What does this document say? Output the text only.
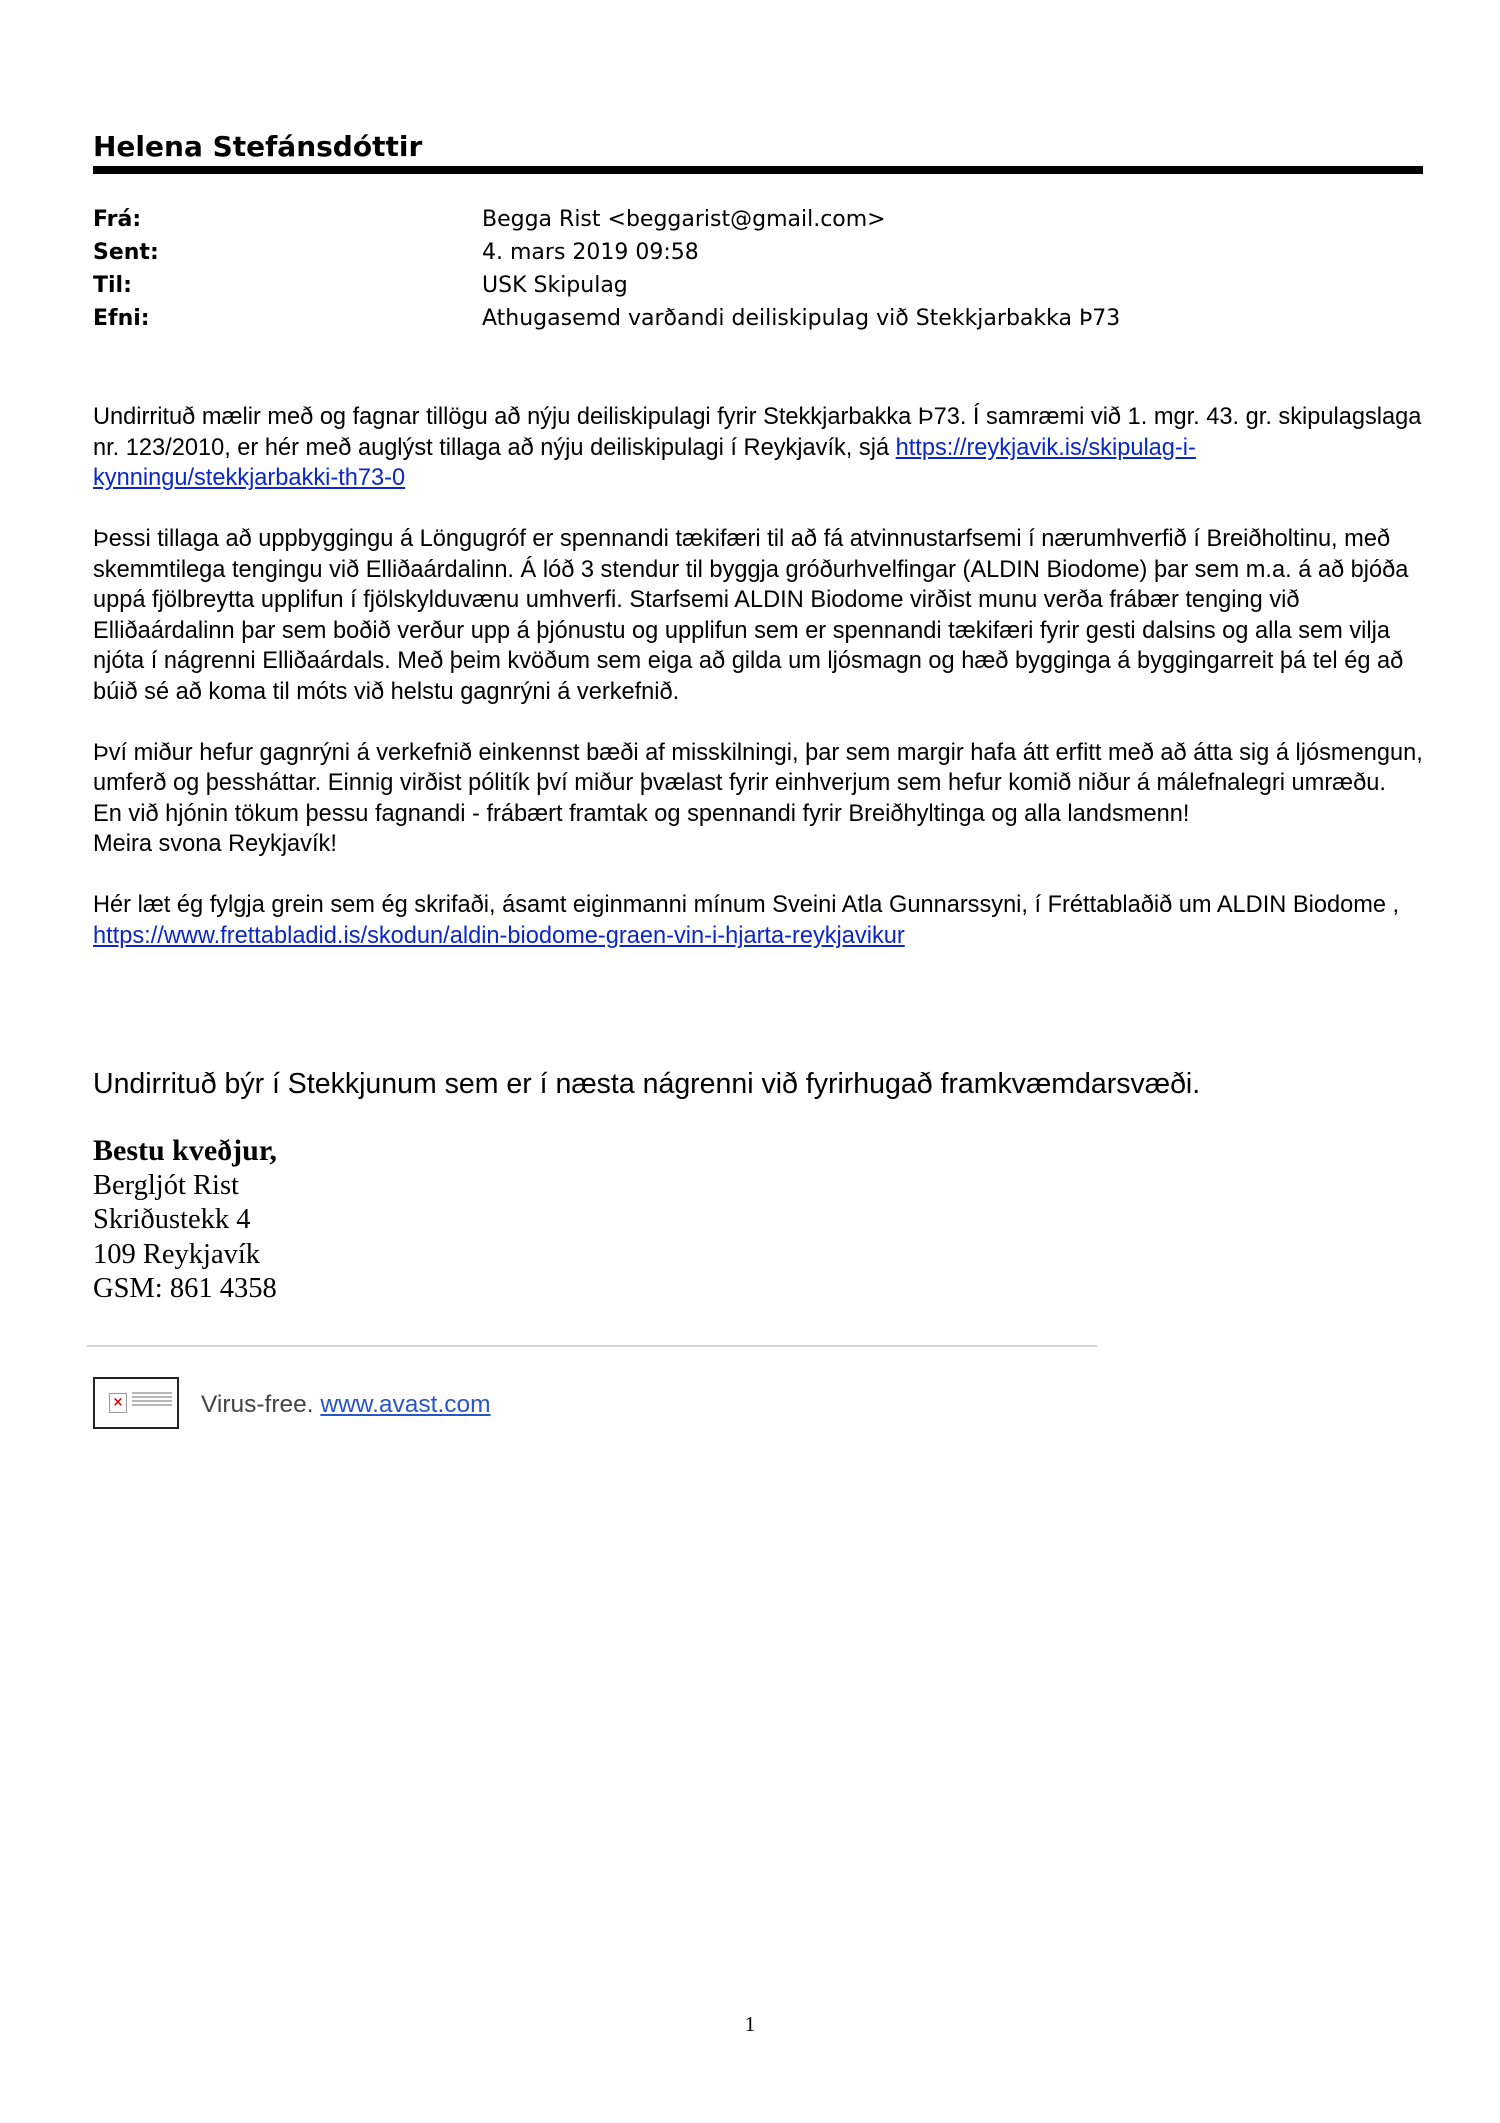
Helena Stefánsdóttir
Frá:	Begga Rist <beggarist@gmail.com>
Sent:	4. mars 2019 09:58
Til:	USK Skipulag
Efni:	Athugasemd varðandi deiliskipulag við Stekkjarbakka Þ73

Undirrituð mælir með og fagnar tillögu að nýju deiliskipulagi fyrir Stekkjarbakka Þ73. Í samræmi við 1. mgr. 43. gr. skipulagslaga nr. 123/2010, er hér með auglýst tillaga að nýju deiliskipulagi í Reykjavík, sjá https://reykjavik.is/skipulag-i-kynningu/stekkjarbakki-th73-0

Þessi tillaga að uppbyggingu á Löngugróf er spennandi tækifæri til að fá atvinnustarfsemi í nærumhverfið í Breiðholtinu, með skemmtilega tengingu við Elliðaárdalinn. Á lóð 3 stendur til byggja gróðurhvelfingar (ALDIN Biodome) þar sem m.a. á að bjóða uppá fjölbreytta upplifun í fjölskylduvænu umhverfi. Starfsemi ALDIN Biodome virðist munu verða frábær tenging við Elliðaárdalinn þar sem boðið verður upp á þjónustu og upplifun sem er spennandi tækifæri fyrir gesti dalsins og alla sem vilja njóta í nágrenni Elliðaárdals. Með þeim kvöðum sem eiga að gilda um ljósmagn og hæð bygginga á byggingarreit þá tel ég að búið sé að koma til móts við helstu gagnrýni á verkefnið.

Því miður hefur gagnrýni á verkefnið einkennst bæði af misskilningi, þar sem margir hafa átt erfitt með að átta sig á ljósmengun, umferð og þessháttar. Einnig virðist pólitík því miður þvælast fyrir einhverjum sem hefur komið niður á málefnalegri umræðu.

En við hjónin tökum þessu fagnandi - frábært framtak og spennandi fyrir Breiðhyltinga og alla landsmenn!

Meira svona Reykjavík!

Hér læt ég fylgja grein sem ég skrifaði, ásamt eiginmanni mínum Sveini Atla Gunnarssyni, í Fréttablaðið um ALDIN Biodome , https://www.frettabladid.is/skodun/aldin-biodome-graen-vin-i-hjarta-reykjavikur

Undirrituð býr í Stekkjunum sem er í næsta nágrenni við fyrirhugað framkvæmdarsvæði.
Bestu kveðjur,
Bergljót Rist
Skriðustekk 4
109 Reykjavík
GSM: 861 4358
×	Virus-free. www.avast.com
1
